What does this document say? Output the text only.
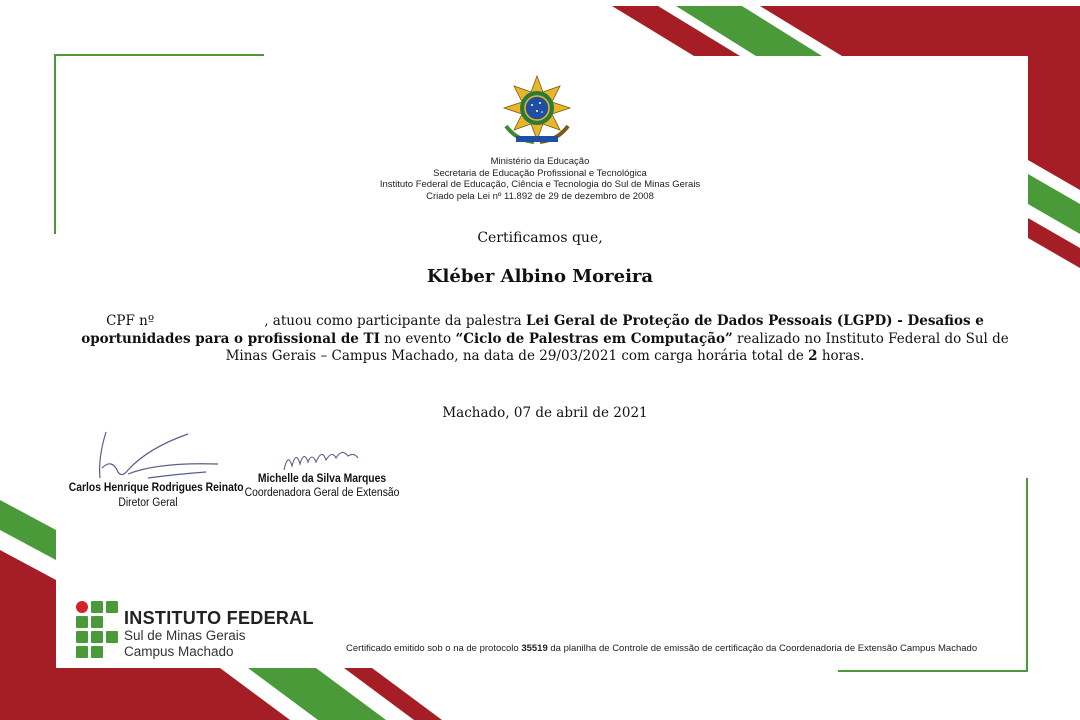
Ministério da Educação
Secretaria de Educação Profissional e Tecnológica
Instituto Federal de Educação, Ciência e Tecnologia do Sul de Minas Gerais
Criado pela Lei nº 11.892 de 29 de dezembro de 2008
Certificamos que,
Kléber Albino Moreira
CPF nº	, atuou como participante da palestra Lei Geral de Proteção de Dados Pessoais (LGPD) - Desafios e oportunidades para o profissional de TI no evento “Ciclo de Palestras em Computação” realizado no Instituto Federal do Sul de Minas Gerais – Campus Machado, na data de 29/03/2021 com carga horária total de 2 horas.
Machado, 07 de abril de 2021
Carlos Henrique Rodrigues Reinato
Diretor Geral
Michelle da Silva Marques
Coordenadora Geral de Extensão
INSTITUTO FEDERAL
Sul de Minas Gerais
Campus Machado	Certificado emitido sob o na de protocolo 35519 da planilha de Controle de emissão de certificação da Coordenadoria de Extensão Campus Machado
